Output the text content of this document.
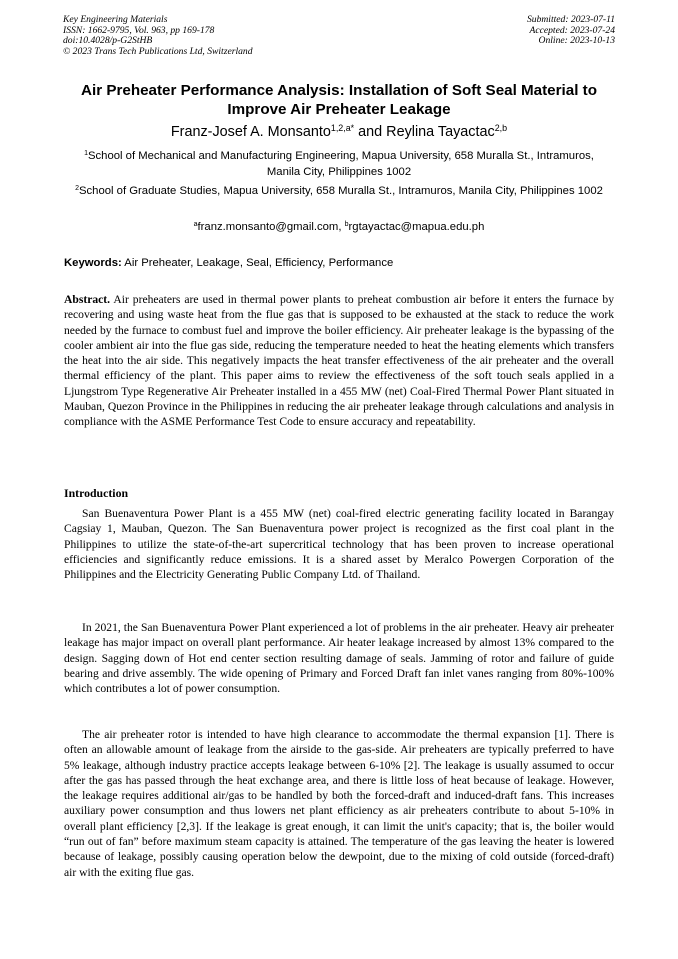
Key Engineering Materials
ISSN: 1662-9795, Vol. 963, pp 169-178
doi:10.4028/p-G2StHB
© 2023 Trans Tech Publications Ltd, Switzerland
Submitted: 2023-07-11
Accepted: 2023-07-24
Online: 2023-10-13
Air Preheater Performance Analysis: Installation of Soft Seal Material to Improve Air Preheater Leakage
Franz-Josef A. Monsanto$^{1,2,a*}$ and Reylina Tayactac$^{2,b}$
$^1$School of Mechanical and Manufacturing Engineering, Mapua University, 658 Muralla St., Intramuros, Manila City, Philippines 1002
$^2$School of Graduate Studies, Mapua University, 658 Muralla St., Intramuros, Manila City, Philippines 1002
$^a$franz.monsanto@gmail.com, $^b$rgtayactac@mapua.edu.ph
Keywords: Air Preheater, Leakage, Seal, Efficiency, Performance
Abstract. Air preheaters are used in thermal power plants to preheat combustion air before it enters the furnace by recovering and using waste heat from the flue gas that is supposed to be exhausted at the stack to reduce the work needed by the furnace to combust fuel and improve the boiler efficiency. Air preheater leakage is the bypassing of the cooler ambient air into the flue gas side, reducing the temperature needed to heat the heating elements which transfers the heat into the air side. This negatively impacts the heat transfer effectiveness of the air preheater and the overall thermal efficiency of the plant. This paper aims to review the effectiveness of the soft touch seals applied in a Ljungstrom Type Regenerative Air Preheater installed in a 455 MW (net) Coal-Fired Thermal Power Plant situated in Mauban, Quezon Province in the Philippines in reducing the air preheater leakage through calculations and analysis in compliance with the ASME Performance Test Code to ensure accuracy and repeatability.
Introduction
San Buenaventura Power Plant is a 455 MW (net) coal-fired electric generating facility located in Barangay Cagsiay 1, Mauban, Quezon. The San Buenaventura power project is recognized as the first coal plant in the Philippines to utilize the state-of-the-art supercritical technology that has been proven to increase operational efficiencies and significantly reduce emissions. It is a shared asset by Meralco Powergen Corporation of the Philippines and the Electricity Generating Public Company Ltd. of Thailand.
In 2021, the San Buenaventura Power Plant experienced a lot of problems in the air preheater. Heavy air preheater leakage has major impact on overall plant performance. Air heater leakage increased by almost 13% compared to the design. Sagging down of Hot end center section resulting damage of seals. Jamming of rotor and failure of guide bearing and drive assembly. The wide opening of Primary and Forced Draft fan inlet vanes ranging from 80%-100% which contributes a lot of power consumption.
The air preheater rotor is intended to have high clearance to accommodate the thermal expansion [1]. There is often an allowable amount of leakage from the airside to the gas-side. Air preheaters are typically preferred to have 5% leakage, although industry practice accepts leakage between 6-10% [2]. The leakage is usually assumed to occur after the gas has passed through the heat exchange area, and there is little loss of heat because of leakage. However, the leakage requires additional air/gas to be handled by both the forced-draft and induced-draft fans. This increases auxiliary power consumption and thus lowers net plant efficiency as air preheaters contribute to about 5-10% in overall plant efficiency [2,3]. If the leakage is great enough, it can limit the unit's capacity; that is, the boiler would “run out of fan” before maximum steam capacity is attained. The temperature of the gas leaving the heater is lowered because of leakage, possibly causing operation below the dewpoint, due to the mixing of cold outside (forced-draft) air with the exiting flue gas.
